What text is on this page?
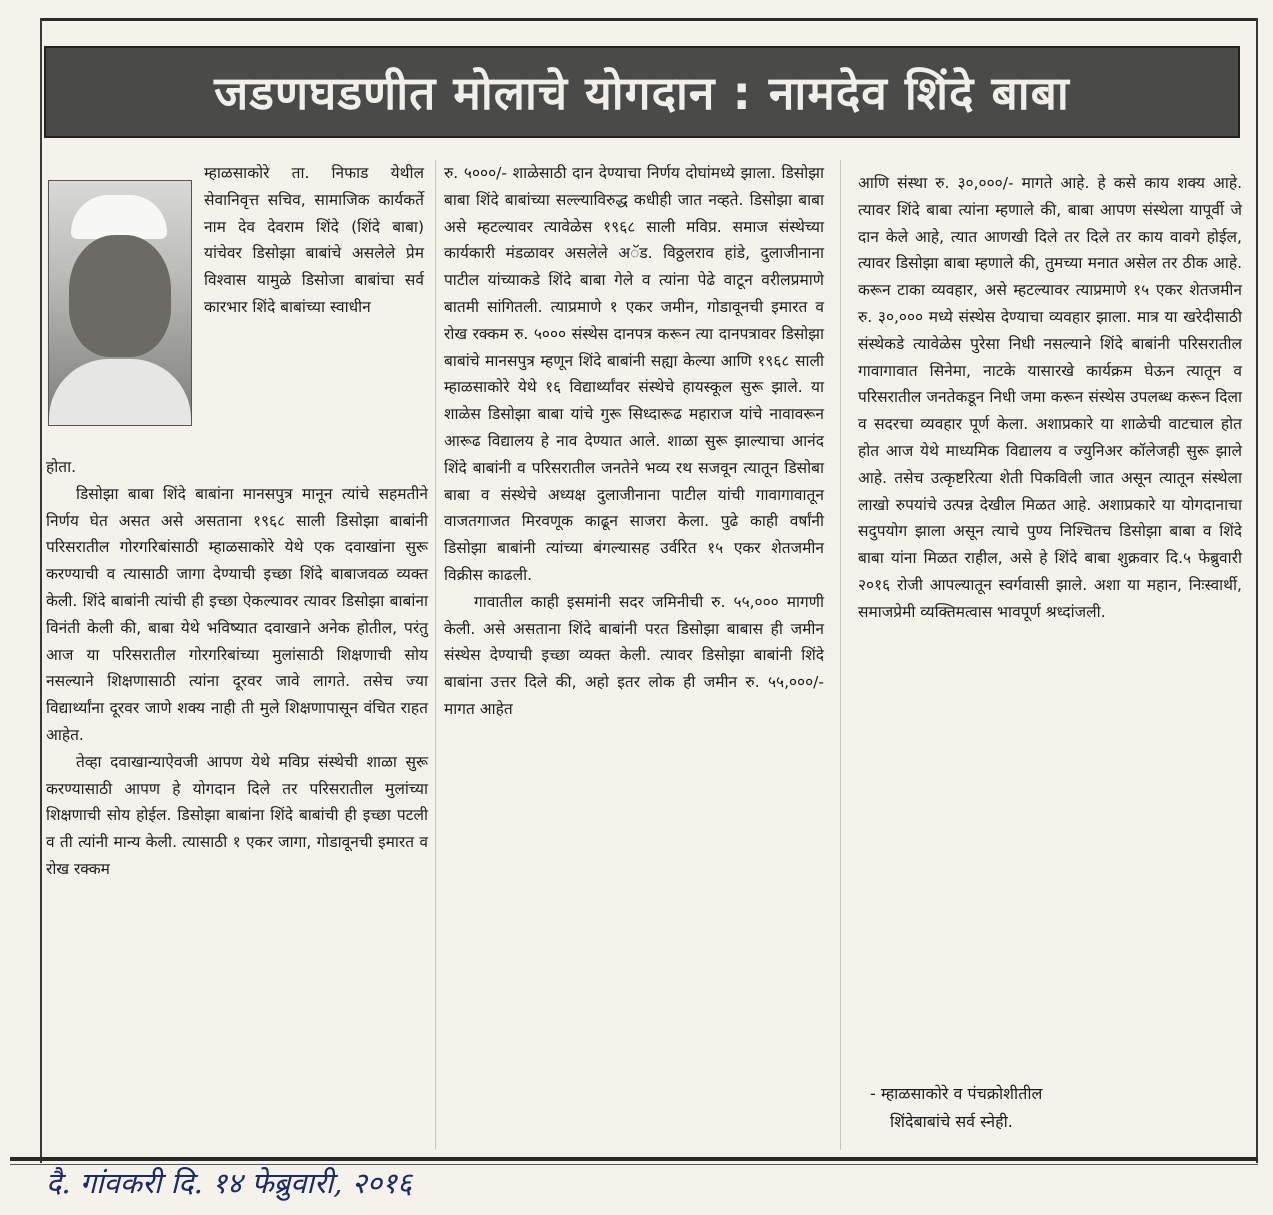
जडणघडणीत मोलाचे योगदान : नामदेव शिंदे बाबा

म्हाळसाकोरे ता. निफाड येथील सेवानिवृत्त सचिव, सामाजिक कार्यकर्ते नाम देव देवराम शिंदे (शिंदे बाबा) यांचेवर डिसोझा बाबांचे असलेले प्रेम विश्वास यामुळे डिसोजा बाबांचा सर्व कारभार शिंदे बाबांच्या स्वाधीन

होता.

डिसोझा बाबा शिंदे बाबांना मानसपुत्र मानून त्यांचे सहमतीने निर्णय घेत असत असे असताना १९६८ साली डिसोझा बाबांनी परिसरातील गोरगरिबांसाठी म्हाळसाकोरे येथे एक दवाखांना सुरू करण्याची व त्यासाठी जागा देण्याची इच्छा शिंदे बाबाजवळ व्यक्त केली. शिंदे बाबांनी त्यांची ही इच्छा ऐकल्यावर त्यावर डिसोझा बाबांना विनंती केली की, बाबा येथे भविष्यात दवाखाने अनेक होतील, परंतु आज या परिसरातील गोरगरिबांच्या मुलांसाठी शिक्षणाची सोय नसल्याने शिक्षणासाठी त्यांना दूरवर जावे लागते. तसेच ज्या विद्यार्थ्यांना दूरवर जाणे शक्य नाही ती मुले शिक्षणापासून वंचित राहत आहेत.

तेव्हा दवाखान्याऐवजी आपण येथे मविप्र संस्थेची शाळा सुरू करण्यासाठी आपण हे योगदान दिले तर परिसरातील मुलांच्या शिक्षणाची सोय होईल. डिसोझा बाबांना शिंदे बाबांची ही इच्छा पटली व ती त्यांनी मान्य केली. त्यासाठी १ एकर जागा, गोडावूनची इमारत व रोख रक्कम

रु. ५०००/- शाळेसाठी दान देण्याचा निर्णय दोघांमध्ये झाला. डिसोझा बाबा शिंदे बाबांच्या सल्ल्याविरुद्ध कधीही जात नव्हते. डिसोझा बाबा असे म्हटल्यावर त्यावेळेस १९६८ साली मविप्र. समाज संस्थेच्या कार्यकारी मंडळावर असलेले अॅड. विठ्ठलराव हांडे, दुलाजीनाना पाटील यांच्याकडे शिंदे बाबा गेले व त्यांना पेढे वाटून वरीलप्रमाणे बातमी सांगितली. त्याप्रमाणे १ एकर जमीन, गोडावूनची इमारत व रोख रक्कम रु. ५००० संस्थेस दानपत्र करून त्या दानपत्रावर डिसोझा बाबांचे मानसपुत्र म्हणून शिंदे बाबांनी सह्या केल्या आणि १९६८ साली म्हाळसाकोरे येथे १६ विद्यार्थ्यांवर संस्थेचे हायस्कूल सुरू झाले. या शाळेस डिसोझा बाबा यांचे गुरू सिध्दारूढ महाराज यांचे नावावरून आरूढ विद्यालय हे नाव देण्यात आले. शाळा सुरू झाल्याचा आनंद शिंदे बाबांनी व परिसरातील जनतेने भव्य रथ सजवून त्यातून डिसोबा बाबा व संस्थेचे अध्यक्ष दुलाजीनाना पाटील यांची गावागावातून वाजतगाजत मिरवणूक काढून साजरा केला. पुढे काही वर्षांनी डिसोझा बाबांनी त्यांच्या बंगल्यासह उर्वरित १५ एकर शेतजमीन विक्रीस काढली.

गावातील काही इसमांनी सदर जमिनीची रु. ५५,००० मागणी केली. असे असताना शिंदे बाबांनी परत डिसोझा बाबास ही जमीन संस्थेस देण्याची इच्छा व्यक्त केली. त्यावर डिसोझा बाबांनी शिंदे बाबांना उत्तर दिले की, अहो इतर लोक ही जमीन रु. ५५,०००/- मागत आहेत

आणि संस्था रु. ३०,०००/- मागते आहे. हे कसे काय शक्य आहे. त्यावर शिंदे बाबा त्यांना म्हणाले की, बाबा आपण संस्थेला यापूर्वी जे दान केले आहे, त्यात आणखी दिले तर दिले तर काय वावगे होईल, त्यावर डिसोझा बाबा म्हणाले की, तुमच्या मनात असेल तर ठीक आहे. करून टाका व्यवहार, असे म्हटल्यावर त्याप्रमाणे १५ एकर शेतजमीन रु. ३०,००० मध्ये संस्थेस देण्याचा व्यवहार झाला. मात्र या खरेदीसाठी संस्थेकडे त्यावेळेस पुरेसा निधी नसल्याने शिंदे बाबांनी परिसरातील गावागावात सिनेमा, नाटके यासारखे कार्यक्रम घेऊन त्यातून व परिसरातील जनतेकडून निधी जमा करून संस्थेस उपलब्ध करून दिला व सदरचा व्यवहार पूर्ण केला. अशाप्रकारे या शाळेची वाटचाल होत होत आज येथे माध्यमिक विद्यालय व ज्युनिअर कॉलेजही सुरू झाले आहे. तसेच उत्कृष्टरित्या शेती पिकविली जात असून त्यातून संस्थेला लाखो रुपयांचे उत्पन्न देखील मिळत आहे. अशाप्रकारे या योगदानाचा सदुपयोग झाला असून त्याचे पुण्य निश्चितच डिसोझा बाबा व शिंदे बाबा यांना मिळत राहील, असे हे शिंदे बाबा शुक्रवार दि.५ फेब्रुवारी २०१६ रोजी आपल्यातून स्वर्गवासी झाले. अशा या महान, निःस्वार्थी, समाजप्रेमी व्यक्तिमत्वास भावपूर्ण श्रध्दांजली.

- म्हाळसाकोरे व पंचक्रोशीतील
शिंदेबाबांचे सर्व स्नेही.
दै. गांवकरी दि. १४ फेब्रुवारी, २०१६
